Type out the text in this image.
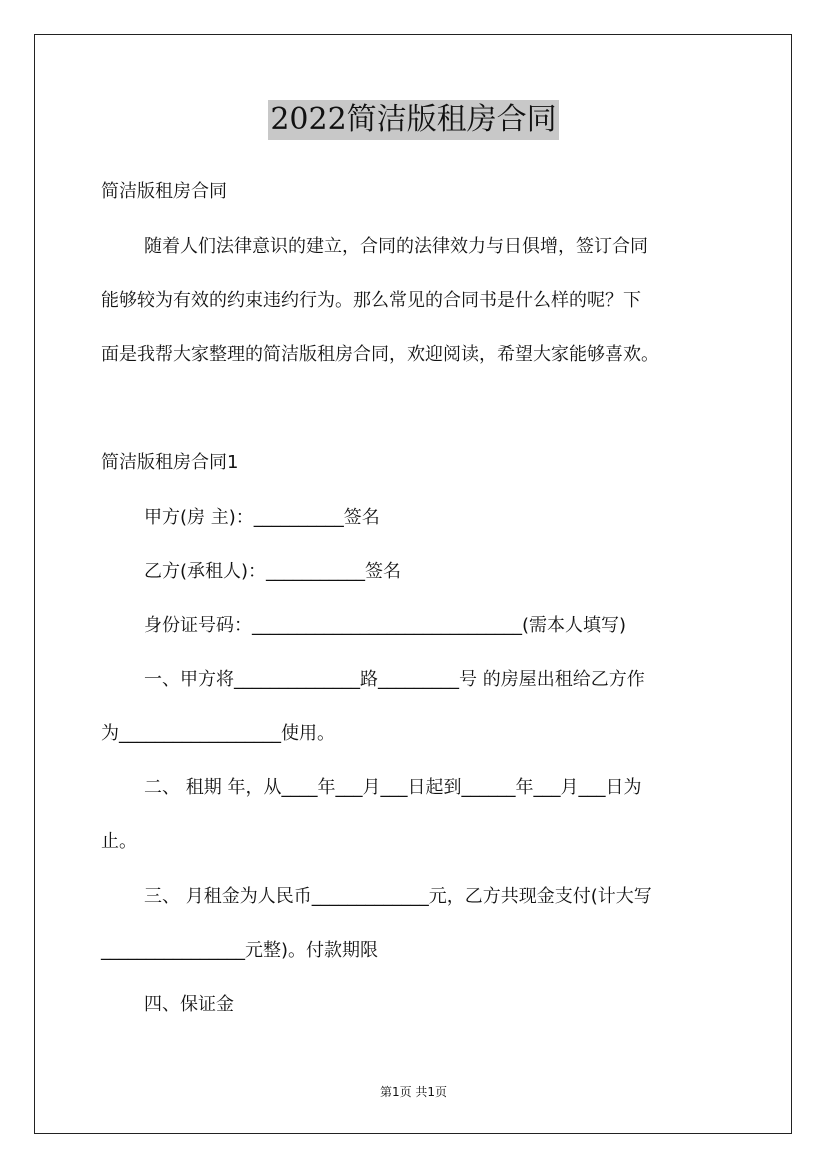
2022简洁版租房合同
简洁版租房合同
随着人们法律意识的建立，合同的法律效力与日俱增，签订合同
能够较为有效的约束违约行为。那么常见的合同书是什么样的呢？下
面是我帮大家整理的简洁版租房合同，欢迎阅读，希望大家能够喜欢。
简洁版租房合同1
甲方(房 主)：__________签名
乙方(承租人)：___________签名
身份证号码：______________________________(需本人填写)
一、甲方将______________路_________号 的房屋出租给乙方作
为__________________使用。
二、 租期 年，从____年___月___日起到______年___月___日为
止。
三、 月租金为人民币_____________元，乙方共现金支付(计大写
________________元整)。付款期限
四、保证金
第1页 共1页
